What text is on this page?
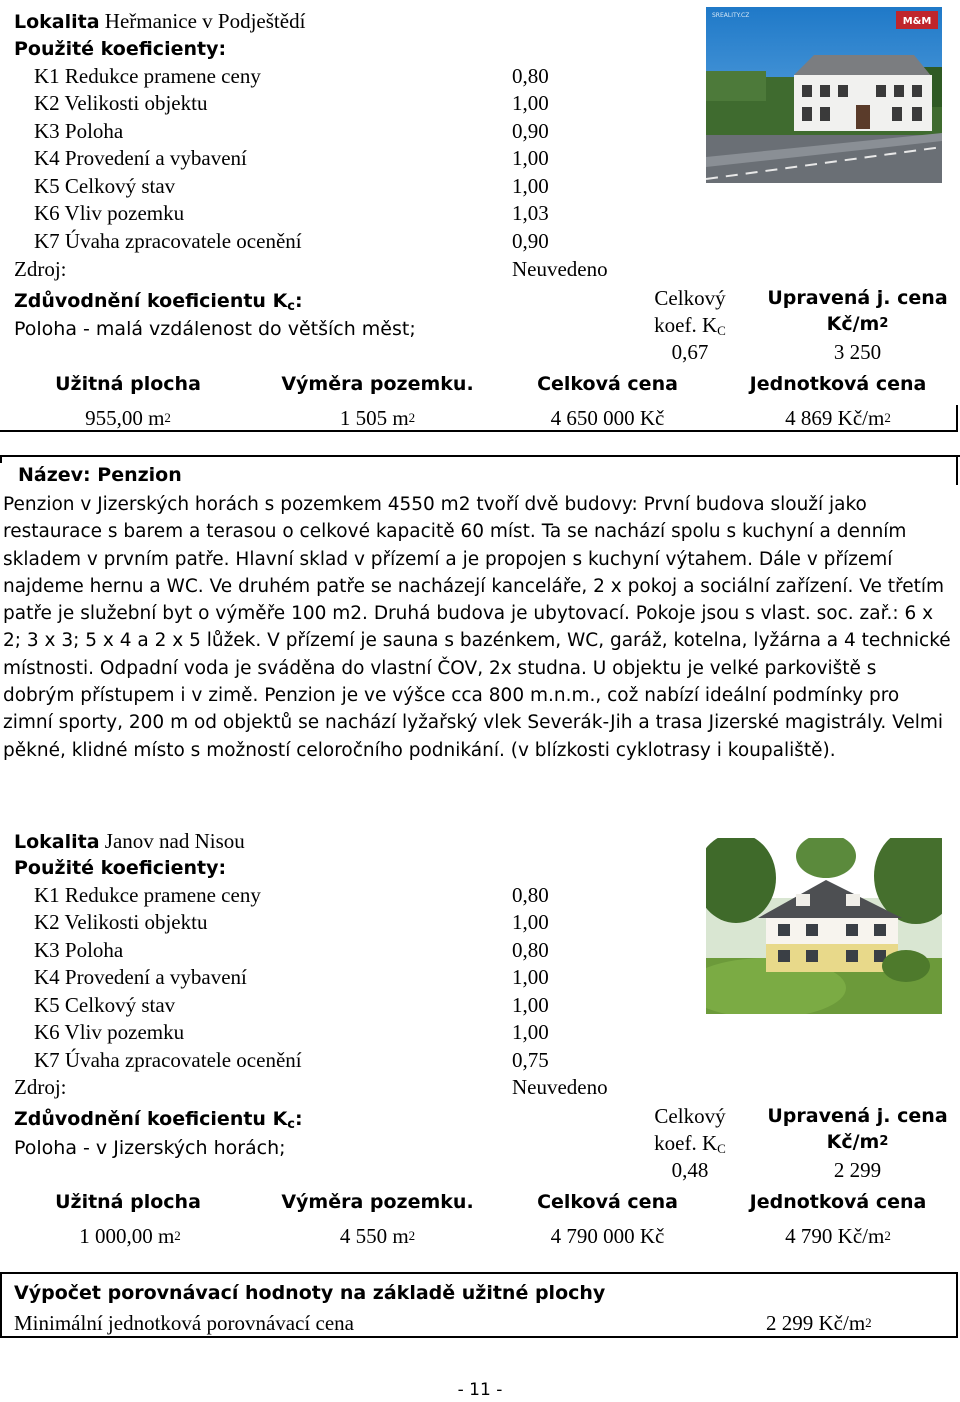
Lokalita Heřmanice v Podještědí
Použité koeficienty:
K1 Redukce pramene ceny	0,80
K2 Velikosti objektu	1,00
K3 Poloha	0,90
K4 Provedení a vybavení	1,00
K5 Celkový stav	1,00
K6 Vliv pozemku	1,03
K7 Úvaha zpracovatele ocenění	0,90
Zdroj:	Neuvedeno
Zdůvodnění koeficientu $K_c$:
Poloha - malá vzdálenost do větších měst;
Celkový
koef. $K_C$
0,67
Upravená j. cena
$Kč/m^2$
3 250
Užitná plocha	Výměra pozemku.	Celková cena	Jednotková cena
955,00 $m^2$	1 505 $m^2$	4 650 000 Kč	4 869 $Kč/m^2$
M&M
SREALITY.CZ
Název: Penzion
Penzion v Jizerských horách s pozemkem 4550 m2 tvoří dvě budovy: První budova slouží jako restaurace s barem a terasou o celkové kapacitě 60 míst. Ta se nachází spolu s kuchyní a denním skladem v prvním patře. Hlavní sklad v přízemí a je propojen s kuchyní výtahem. Dále v přízemí najdeme hernu a WC. Ve druhém patře se nacházejí kanceláře, 2 x pokoj a sociální zařízení. Ve třetím patře je služební byt o výměře 100 m2. Druhá budova je ubytovací. Pokoje jsou s vlast. soc. zař.: 6 x 2; 3 x 3; 5 x 4 a 2 x 5 lůžek. V přízemí je sauna s bazénkem, WC, garáž, kotelna, lyžárna a 4 technické místnosti. Odpadní voda je sváděna do vlastní ČOV, 2x studna. U objektu je velké parkoviště s dobrým přístupem i v zimě. Penzion je ve výšce cca 800 m.n.m., což nabízí ideální podmínky pro zimní sporty, 200 m od objektů se nachází lyžařský vlek Severák-Jih a trasa Jizerské magistrály. Velmi pěkné, klidné místo s možností celoročního podnikání. (v blízkosti cyklotrasy i koupaliště).
Lokalita Janov nad Nisou
Použité koeficienty:
K1 Redukce pramene ceny	0,80
K2 Velikosti objektu	1,00
K3 Poloha	0,80
K4 Provedení a vybavení	1,00
K5 Celkový stav	1,00
K6 Vliv pozemku	1,00
K7 Úvaha zpracovatele ocenění	0,75
Zdroj:	Neuvedeno
Zdůvodnění koeficientu $K_c$:
Poloha - v Jizerských horách;
Celkový
koef. $K_C$
0,48
Upravená j. cena
$Kč/m^2$
2 299
Užitná plocha	Výměra pozemku.	Celková cena	Jednotková cena
1 000,00 $m^2$	4 550 $m^2$	4 790 000 Kč	4 790 $Kč/m^2$
Výpočet porovnávací hodnoty na základě užitné plochy
Minimální jednotková porovnávací cena	2 299 $Kč/m^2$
- 11 -
